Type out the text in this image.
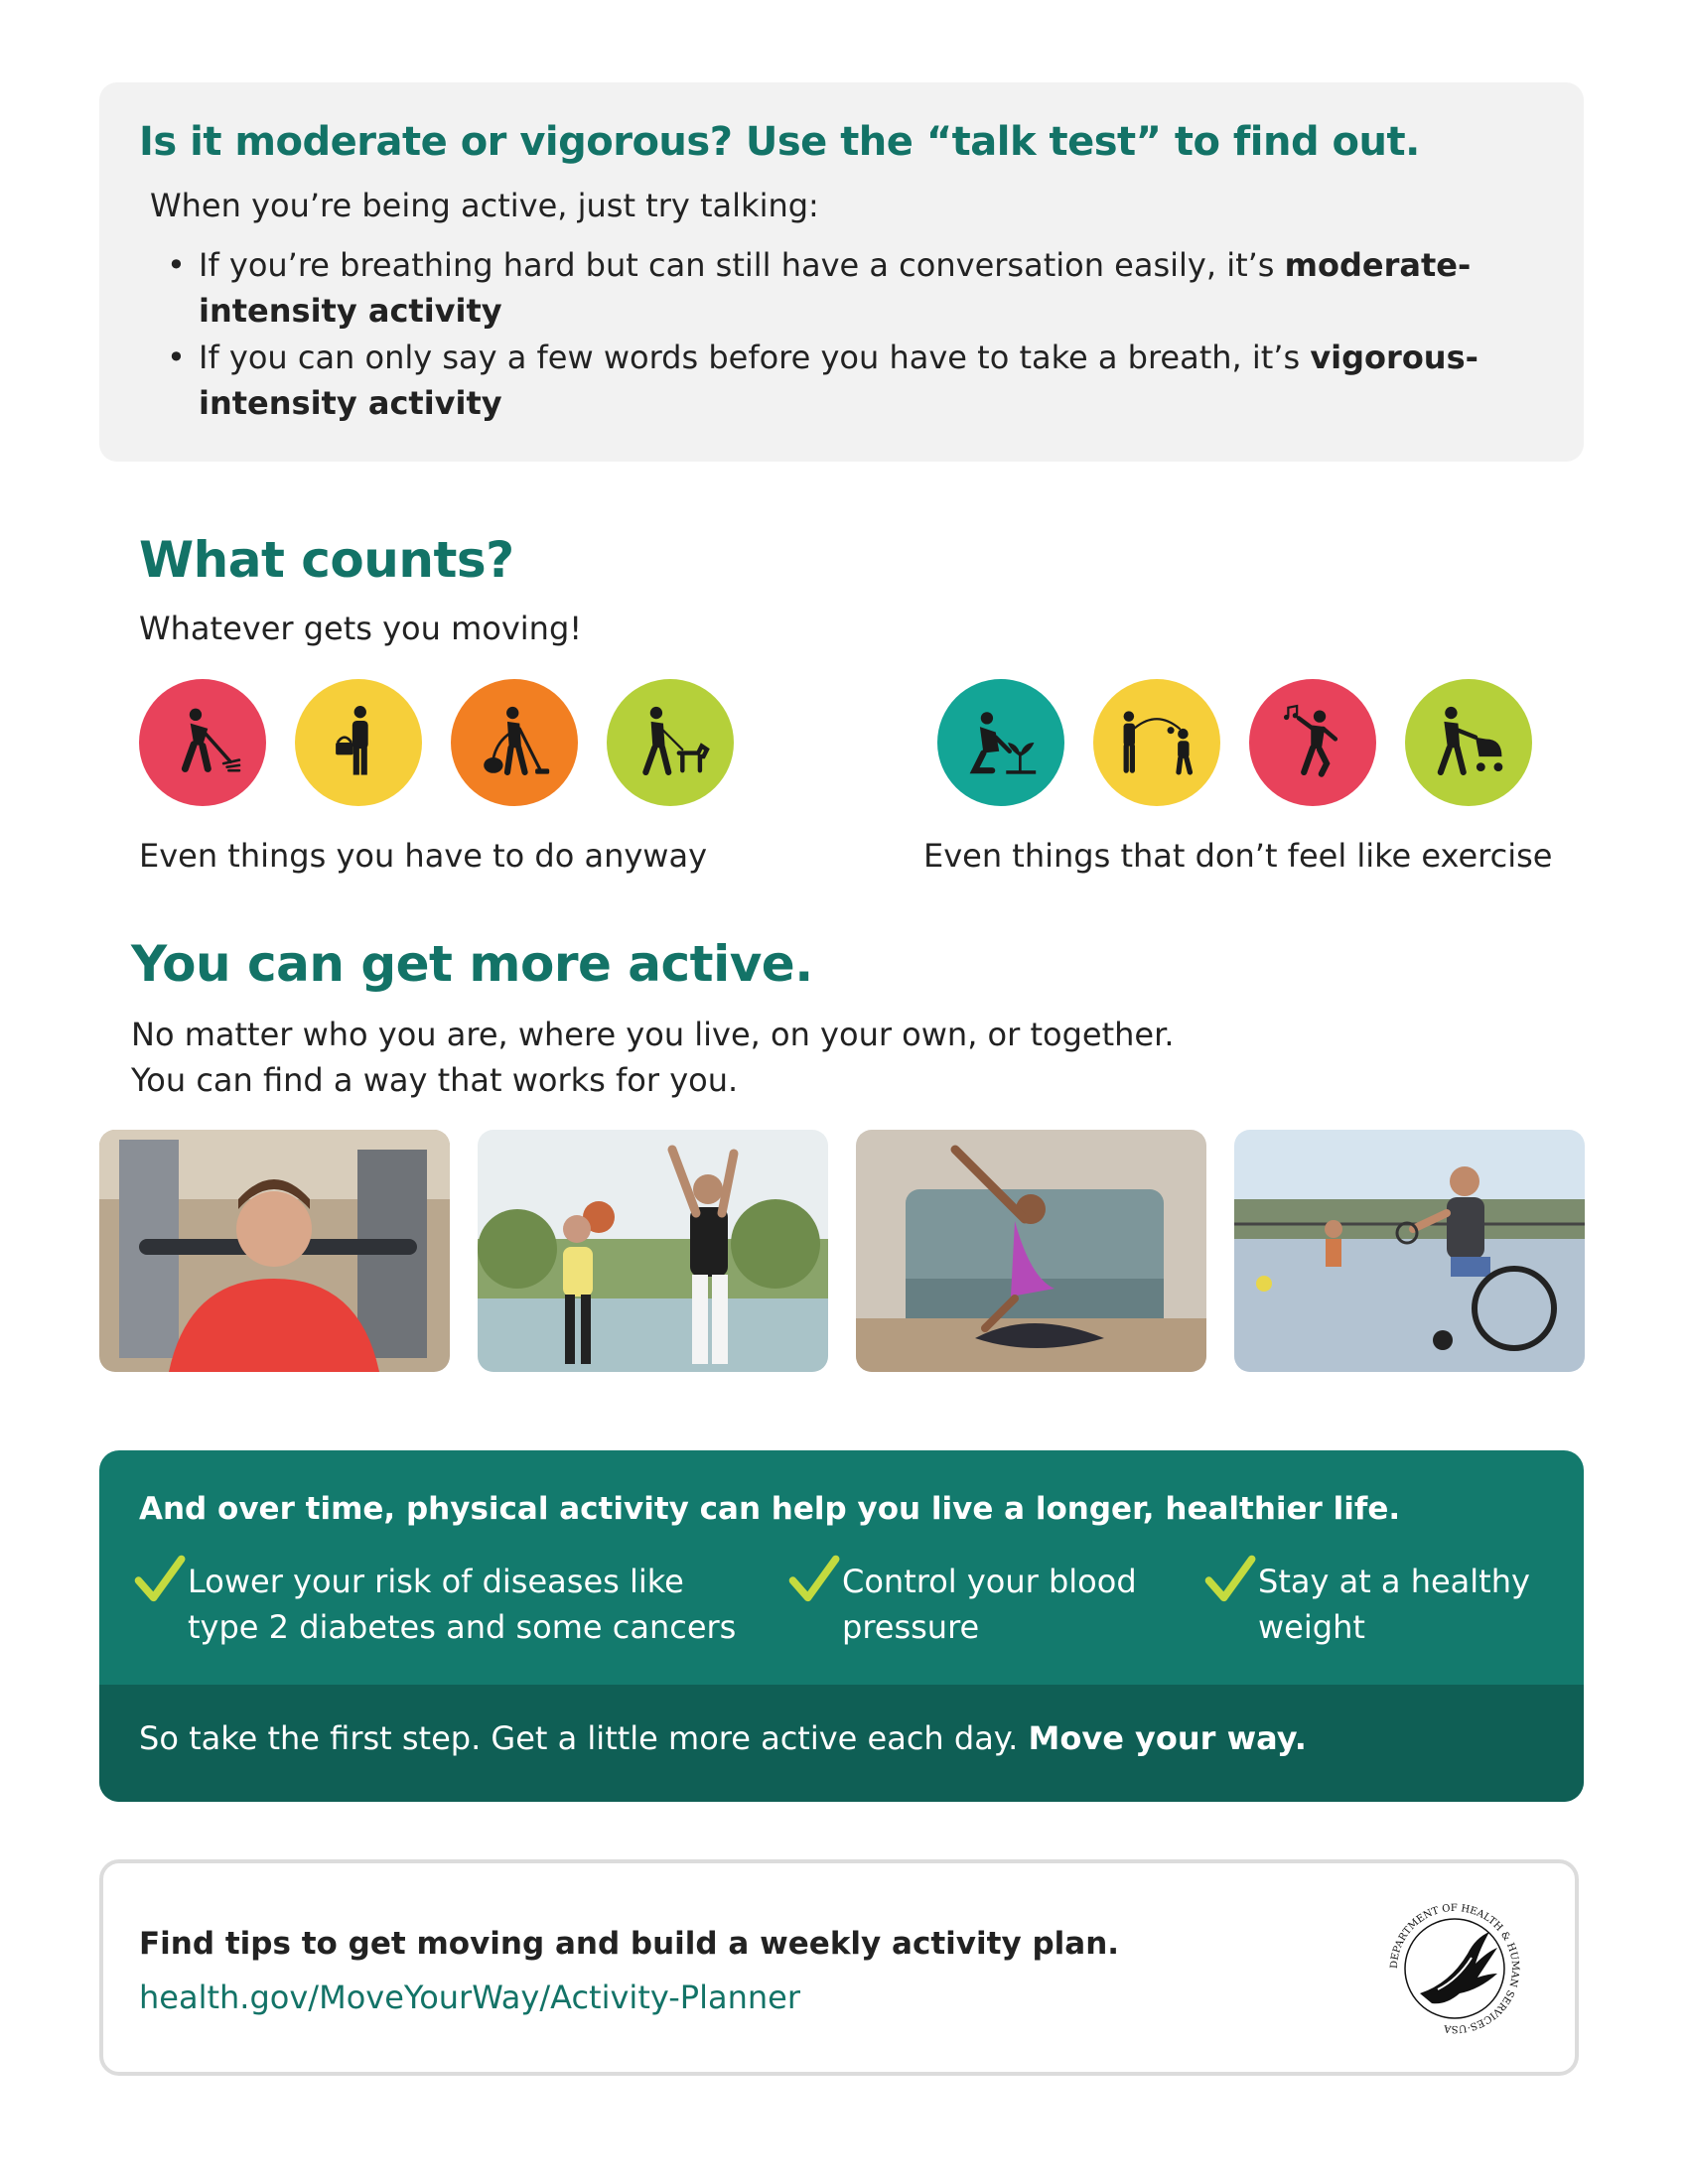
Is it moderate or vigorous? Use the “talk test” to find out.
When you’re being active, just try talking:
• If you’re breathing hard but can still have a conversation easily, it’s moderate-intensity activity
• If you can only say a few words before you have to take a breath, it’s vigorous-intensity activity
What counts?
Whatever gets you moving!
Even things you have to do anyway	Even things that don’t feel like exercise
You can get more active.
No matter who you are, where you live, on your own, or together.
You can find a way that works for you.
And over time, physical activity can help you live a longer, healthier life.
Lower your risk of diseases like
type 2 diabetes and some cancers
Control your blood
pressure
Stay at a healthy
weight
So take the first step. Get a little more active each day. Move your way.
Find tips to get moving and build a weekly activity plan.
health.gov/MoveYourWay/Activity-Planner
DEPARTMENT OF HEALTH & HUMAN SERVICES·USA
